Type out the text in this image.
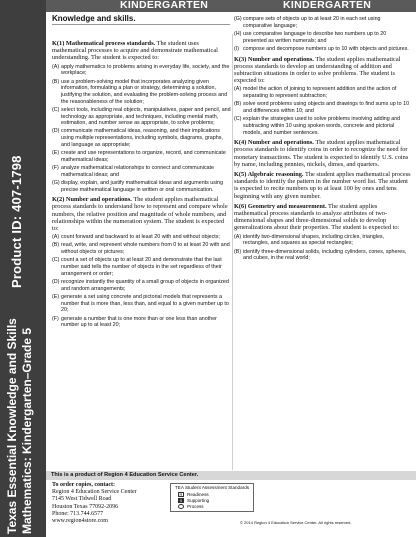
Product ID: 407-1798
Texas Essential Knowledge and Skills Mathematics: Kindergarten–Grade 5
KINDERGARTEN	KINDERGARTEN
Knowledge and skills.
K(1) Mathematical process standards. The student uses mathematical processes to acquire and demonstrate mathematical understanding. The student is expected to:
(A) apply mathematics to problems arising in everyday life, society, and the workplace;
(B) use a problem-solving model that incorporates analyzing given information, formulating a plan or strategy, determining a solution, justifying the solution, and evaluating the problem-solving process and the reasonableness of the solution;
(C) select tools, including real objects, manipulatives, paper and pencil, and technology as appropriate, and techniques, including mental math, estimation, and number sense as appropriate, to solve problems;
(D) communicate mathematical ideas, reasoning, and their implications using multiple representations, including symbols, diagrams, graphs, and language as appropriate;
(E) create and use representations to organize, record, and communicate mathematical ideas;
(F) analyze mathematical relationships to connect and communicate mathematical ideas; and
(G) display, explain, and justify mathematical ideas and arguments using precise mathematical language in written or oral communication.
K(2) Number and operations. The student applies mathematical process standards to understand how to represent and compare whole numbers, the relative position and magnitude of whole numbers, and relationships within the numeration system. The student is expected to:
(A) count forward and backward to at least 20 with and without objects;
(B) read, write, and represent whole numbers from 0 to at least 20 with and without objects or pictures;
(C) count a set of objects up to at least 20 and demonstrate that the last number said tells the number of objects in the set regardless of their arrangement or order;
(D) recognize instantly the quantity of a small group of objects in organized and random arrangements;
(E) generate a set using concrete and pictorial models that represents a number that is more than, less than, and equal to a given number up to 20;
(F) generate a number that is one more than or one less than another number up to at least 20;
(G) compare sets of objects up to at least 20 in each set using comparative language;
(H) use comparative language to describe two numbers up to 20 presented as written numerals; and
(I) compose and decompose numbers up to 10 with objects and pictures.
K(3) Number and operations. The student applies mathematical process standards to develop an understanding of addition and subtraction situations in order to solve problems. The student is expected to:
(A) model the action of joining to represent addition and the action of separating to represent subtraction;
(B) solve word problems using objects and drawings to find sums up to 10 and differences within 10; and
(C) explain the strategies used to solve problems involving adding and subtracting within 10 using spoken words, concrete and pictorial models, and number sentences.
K(4) Number and operations. The student applies mathematical process standards to identify coins in order to recognize the need for monetary transactions. The student is expected to identify U.S. coins by name, including pennies, nickels, dimes, and quarters.
K(5) Algebraic reasoning. The student applies mathematical process standards to identify the pattern in the number word list. The student is expected to recite numbers up to at least 100 by ones and tens beginning with any given number.
K(6) Geometry and measurement. The student applies mathematical process standards to analyze attributes of two-dimensional shapes and three-dimensional solids to develop generalizations about their properties. The student is expected to:
(A) identify two-dimensional shapes, including circles, triangles, rectangles, and squares as special rectangles;
(B) identify three-dimensional solids, including cylinders, cones, spheres, and cubes, in the real world;
This is a product of Region 4 Education Service Center.
To order copies, contact:
Region 4 Education Service Center
7145 West Tidwell Road
Houston Texas 77092-2096
Phone: 713.744.6577
www.region4store.com
TEA Student Assessment Standards
R Readiness
S	Supporting
Process
© 2014 Region 4 Education Service Center. All rights reserved.
